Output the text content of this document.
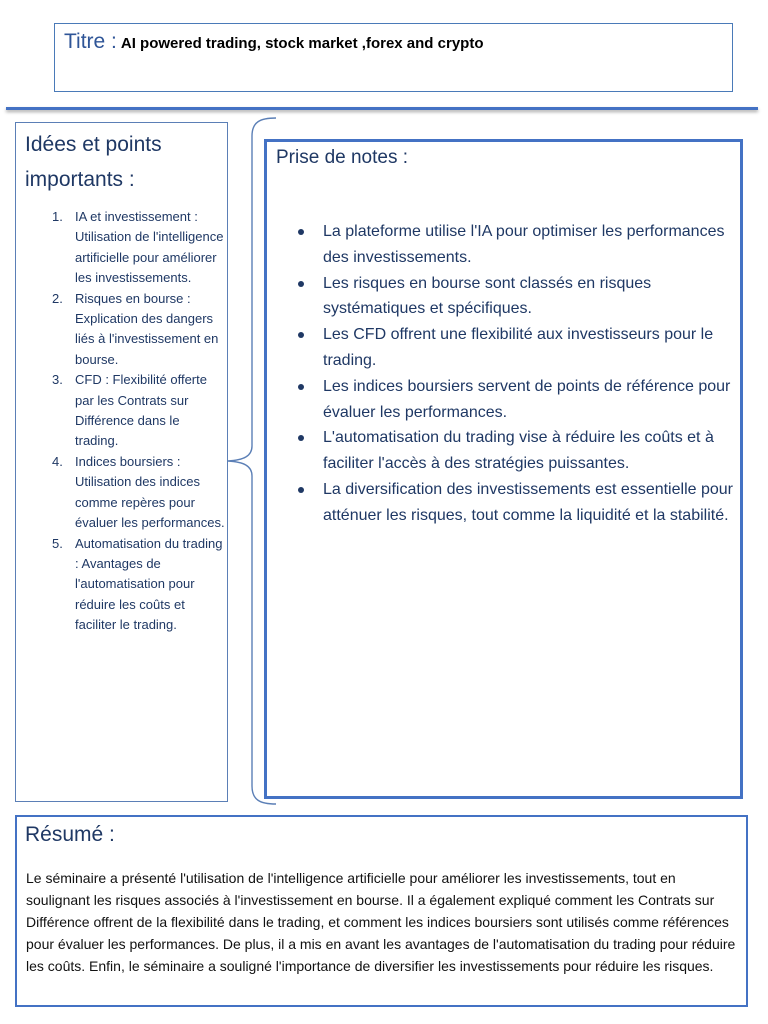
Titre : AI powered trading, stock market ,forex and crypto
Idées et points importants :
1. IA et investissement : Utilisation de l'intelligence artificielle pour améliorer les investissements.
2. Risques en bourse : Explication des dangers liés à l'investissement en bourse.
3. CFD : Flexibilité offerte par les Contrats sur Différence dans le trading.
4. Indices boursiers : Utilisation des indices comme repères pour évaluer les performances.
5. Automatisation du trading : Avantages de l'automatisation pour réduire les coûts et faciliter le trading.
Prise de notes :
La plateforme utilise l'IA pour optimiser les performances des investissements.
Les risques en bourse sont classés en risques systématiques et spécifiques.
Les CFD offrent une flexibilité aux investisseurs pour le trading.
Les indices boursiers servent de points de référence pour évaluer les performances.
L'automatisation du trading vise à réduire les coûts et à faciliter l'accès à des stratégies puissantes.
La diversification des investissements est essentielle pour atténuer les risques, tout comme la liquidité et la stabilité.
Résumé :

Le séminaire a présenté l'utilisation de l'intelligence artificielle pour améliorer les investissements, tout en soulignant les risques associés à l'investissement en bourse. Il a également expliqué comment les Contrats sur Différence offrent de la flexibilité dans le trading, et comment les indices boursiers sont utilisés comme références pour évaluer les performances. De plus, il a mis en avant les avantages de l'automatisation du trading pour réduire les coûts. Enfin, le séminaire a souligné l'importance de diversifier les investissements pour réduire les risques.
